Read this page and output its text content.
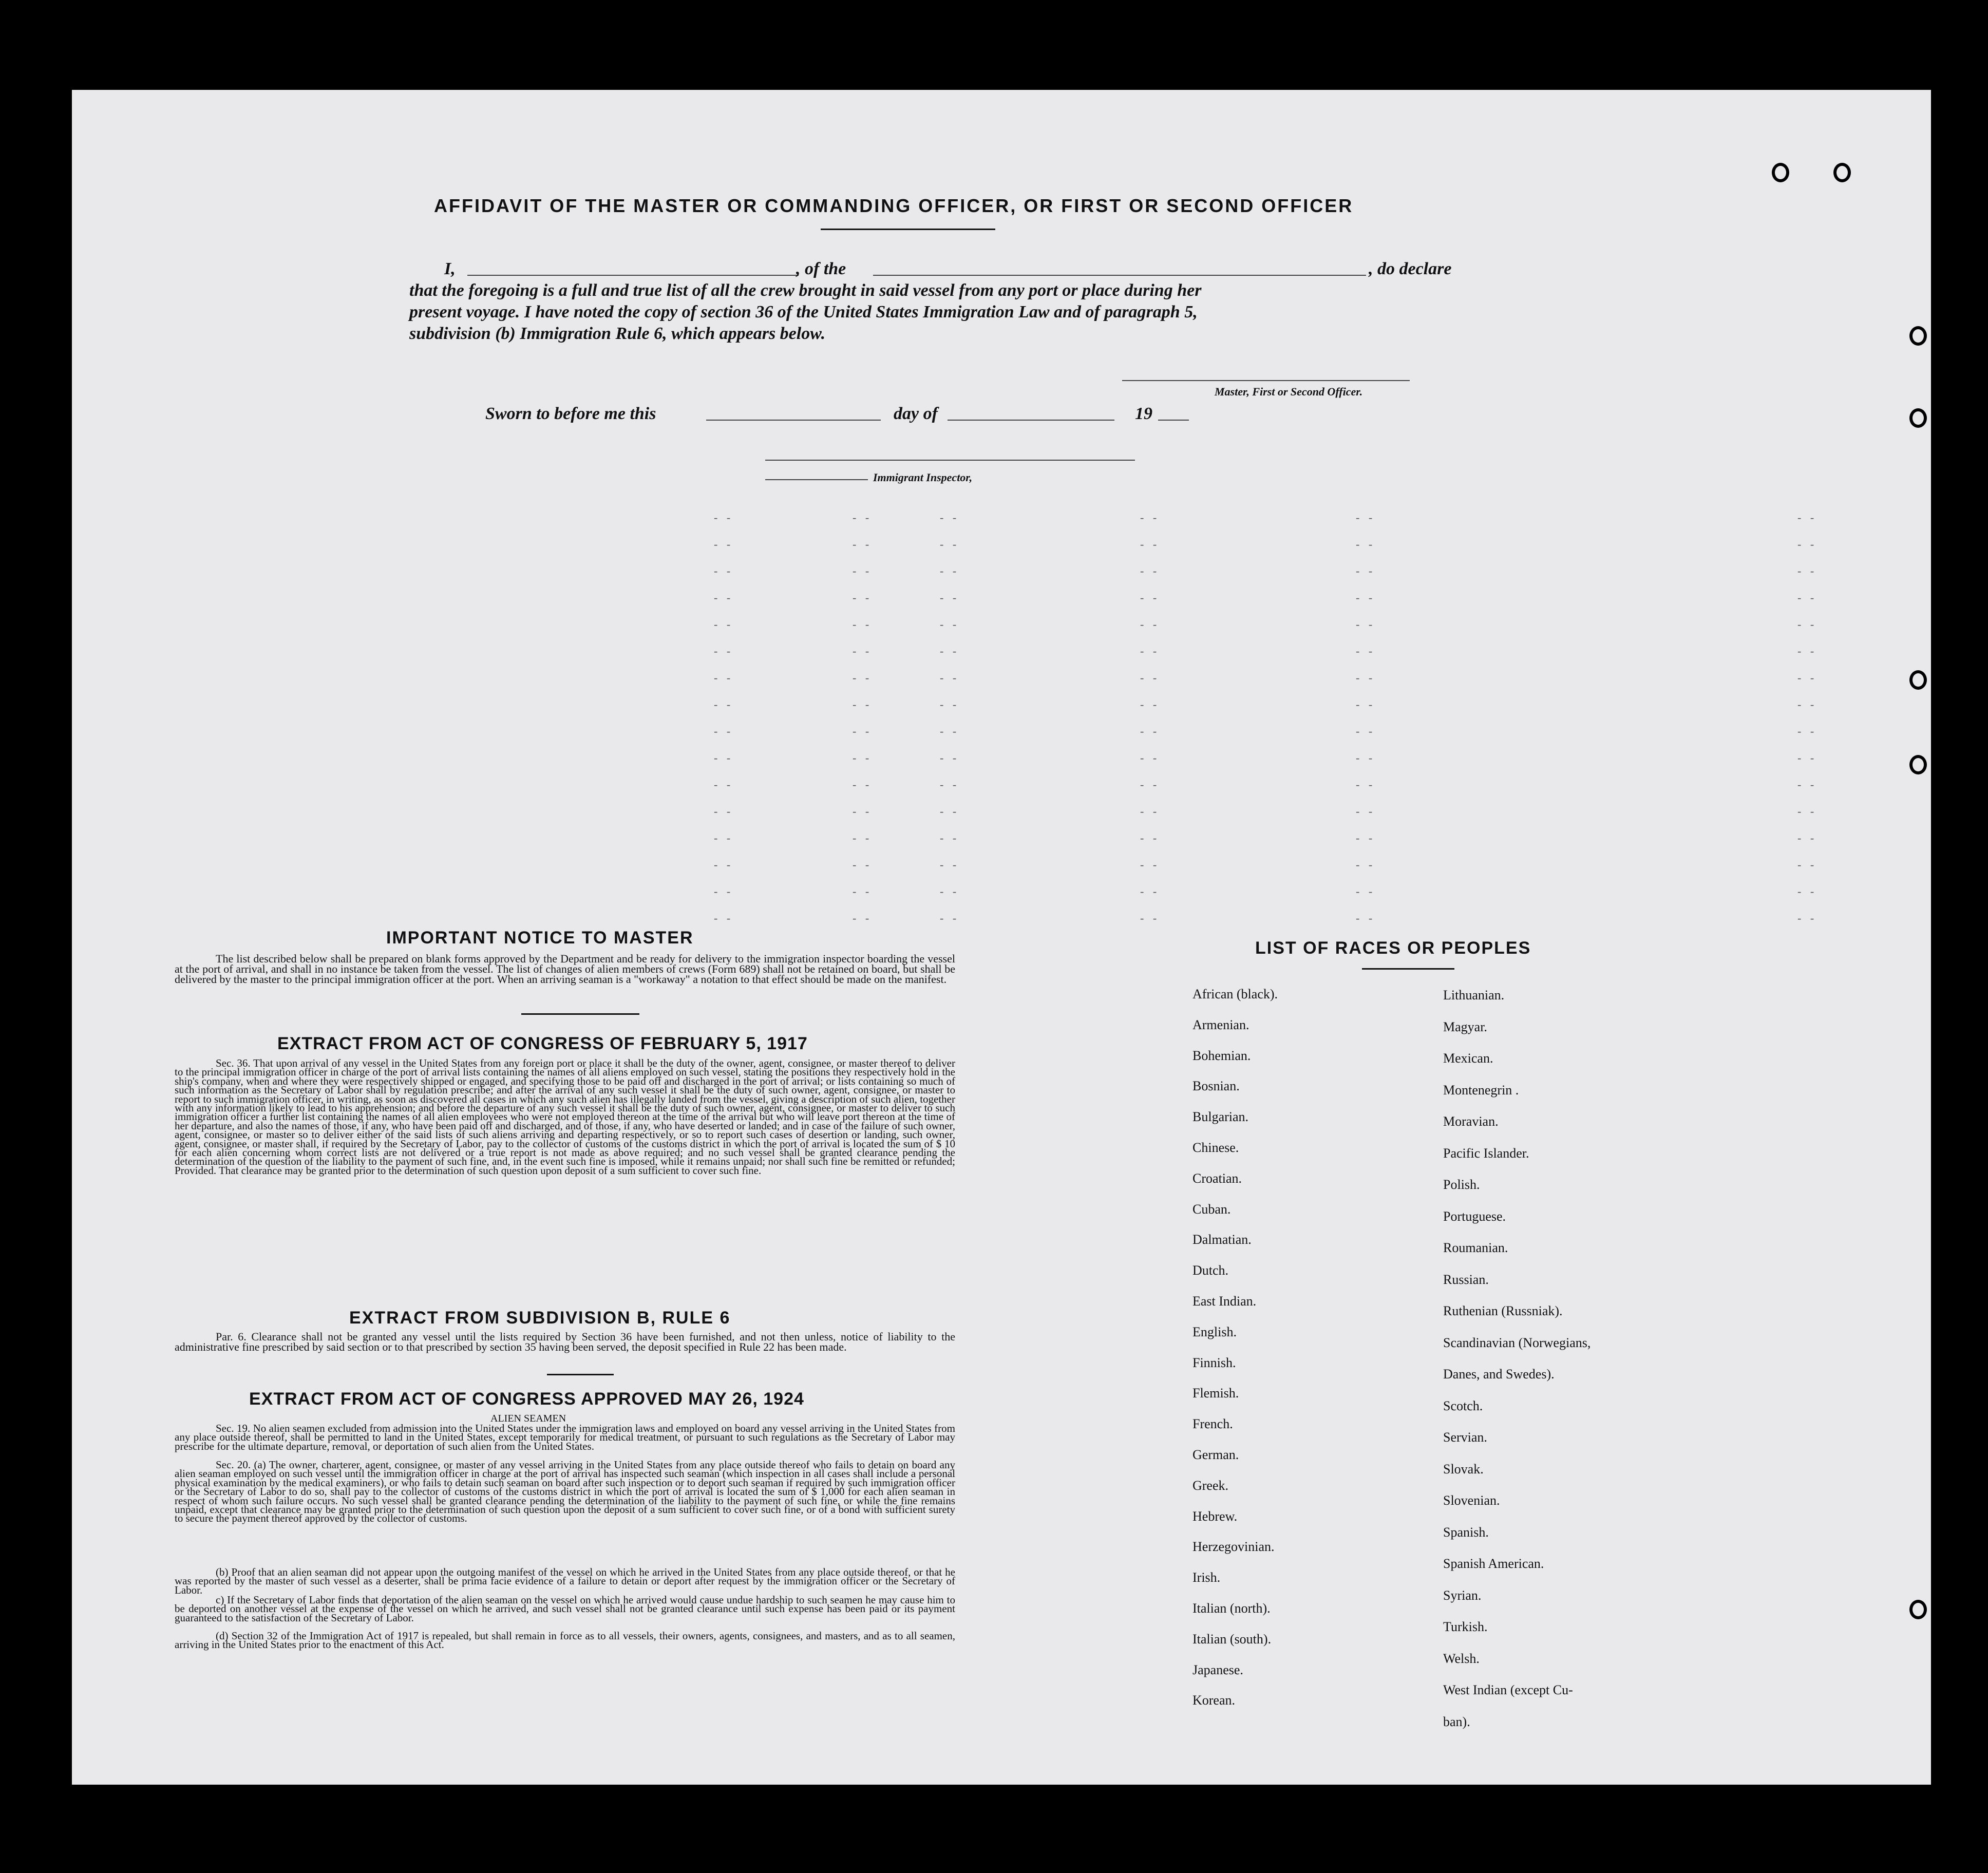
AFFIDAVIT OF THE MASTER OR COMMANDING OFFICER, OR FIRST OR SECOND OFFICER
I,	, of the	, do declare
that the foregoing is a full and true list of all the crew brought in said vessel from any port or place during her
present voyage. I have noted the copy of section 36 of the United States Immigration Law and of paragraph 5,
subdivision (b) Immigration Rule 6, which appears below.
Master, First or Second Officer.
Sworn to before me this	day of	19
Immigrant Inspector,
IMPORTANT NOTICE TO MASTER
The list described below shall be prepared on blank forms approved by the Department and be ready for delivery to the immigration inspector boarding the vessel at the port of arrival, and shall in no instance be taken from the vessel. The list of changes of alien members of crews (Form 689) shall not be retained on board, but shall be delivered by the master to the principal immigration officer at the port. When an arriving seaman is a "workaway" a notation to that effect should be made on the manifest.
EXTRACT FROM ACT OF CONGRESS OF FEBRUARY 5, 1917
Sec. 36. That upon arrival of any vessel in the United States from any foreign port or place it shall be the duty of the owner, agent, consignee, or master thereof to deliver to the principal immigration officer in charge of the port of arrival lists containing the names of all aliens employed on such vessel, stating the positions they respectively hold in the ship's company, when and where they were respectively shipped or engaged, and specifying those to be paid off and discharged in the port of arrival; or lists containing so much of such information as the Secretary of Labor shall by regulation prescribe; and after the arrival of any such vessel it shall be the duty of such owner, agent, consignee, or master to report to such immigration officer, in writing, as soon as discovered all cases in which any such alien has illegally landed from the vessel, giving a description of such alien, together with any information likely to lead to his apprehension; and before the departure of any such vessel it shall be the duty of such owner, agent, consignee, or master to deliver to such immigration officer a further list containing the names of all alien employees who were not employed thereon at the time of the arrival but who will leave port thereon at the time of her departure, and also the names of those, if any, who have been paid off and discharged, and of those, if any, who have deserted or landed; and in case of the failure of such owner, agent, consignee, or master so to deliver either of the said lists of such aliens arriving and departing respectively, or so to report such cases of desertion or landing, such owner, agent, consignee, or master shall, if required by the Secretary of Labor, pay to the collector of customs of the customs district in which the port of arrival is located the sum of $ 10 for each alien concerning whom correct lists are not delivered or a true report is not made as above required; and no such vessel shall be granted clearance pending the determination of the question of the liability to the payment of such fine, and, in the event such fine is imposed, while it remains unpaid; nor shall such fine be remitted or refunded; Provided. That clearance may be granted prior to the determination of such question upon deposit of a sum sufficient to cover such fine.
EXTRACT FROM SUBDIVISION B, RULE 6
Par. 6. Clearance shall not be granted any vessel until the lists required by Section 36 have been furnished, and not then unless, notice of liability to the administrative fine prescribed by said section or to that prescribed by section 35 having been served, the deposit specified in Rule 22 has been made.
EXTRACT FROM ACT OF CONGRESS APPROVED MAY 26, 1924
ALIEN SEAMEN
Sec. 19. No alien seamen excluded from admission into the United States under the immigration laws and employed on board any vessel arriving in the United States from any place outside thereof, shall be permitted to land in the United States, except temporarily for medical treatment, or pursuant to such regulations as the Secretary of Labor may prescribe for the ultimate departure, removal, or deportation of such alien from the United States.
Sec. 20. (a) The owner, charterer, agent, consignee, or master of any vessel arriving in the United States from any place outside thereof who fails to detain on board any alien seaman employed on such vessel until the immigration officer in charge at the port of arrival has inspected such seaman (which inspection in all cases shall include a personal physical examination by the medical examiners), or who fails to detain such seaman on board after such inspection or to deport such seaman if required by such immigration officer or the Secretary of Labor to do so, shall pay to the collector of customs of the customs district in which the port of arrival is located the sum of $ 1,000 for each alien seaman in respect of whom such failure occurs. No such vessel shall be granted clearance pending the determination of the liability to the payment of such fine, or while the fine remains unpaid, except that clearance may be granted prior to the determination of such question upon the deposit of a sum sufficient to cover such fine, or of a bond with sufficient surety to secure the payment thereof approved by the collector of customs.
(b) Proof that an alien seaman did not appear upon the outgoing manifest of the vessel on which he arrived in the United States from any place outside thereof, or that he was reported by the master of such vessel as a deserter, shall be prima facie evidence of a failure to detain or deport after request by the immigration officer or the Secretary of Labor.
c) If the Secretary of Labor finds that deportation of the alien seaman on the vessel on which he arrived would cause undue hardship to such seamen he may cause him to be deported on another vessel at the expense of the vessel on which he arrived, and such vessel shall not be granted clearance until such expense has been paid or its payment guaranteed to the satisfaction of the Secretary of Labor.
(d) Section 32 of the Immigration Act of 1917 is repealed, but shall remain in force as to all vessels, their owners, agents, consignees, and masters, and as to all seamen, arriving in the United States prior to the enactment of this Act.
LIST OF RACES OR PEOPLES
African (black).
Armenian.
Bohemian.
Bosnian.
Bulgarian.
Chinese.
Croatian.
Cuban.
Dalmatian.
Dutch.
East Indian.
English.
Finnish.
Flemish.
French.
German.
Greek.
Hebrew.
Herzegovinian.
Irish.
Italian (north).
Italian (south).
Japanese.
Korean.
Lithuanian.
Magyar.
Mexican.
Montenegrin .
Moravian.
Pacific Islander.
Polish.
Portuguese.
Roumanian.
Russian.
Ruthenian (Russniak).
Scandinavian (Norwegians,
Danes, and Swedes).
Scotch.
Servian.
Slovak.
Slovenian.
Spanish.
Spanish American.
Syrian.
Turkish.
Welsh.
West Indian (except Cu-
ban).
- -	- -	- -	- -	- -	- -
- -	- -	- -	- -	- -	- -
- -	- -	- -	- -	- -	- -
- -	- -	- -	- -	- -	- -
- -	- -	- -	- -	- -	- -
- -	- -	- -	- -	- -	- -
- -	- -	- -	- -	- -	- -
- -	- -	- -	- -	- -	- -
- -	- -	- -	- -	- -	- -
- -	- -	- -	- -	- -	- -
- -	- -	- -	- -	- -	- -
- -	- -	- -	- -	- -	- -
- -	- -	- -	- -	- -	- -
- -	- -	- -	- -	- -	- -
- -	- -	- -	- -	- -	- -
- -	- -	- -	- -	- -	- -
